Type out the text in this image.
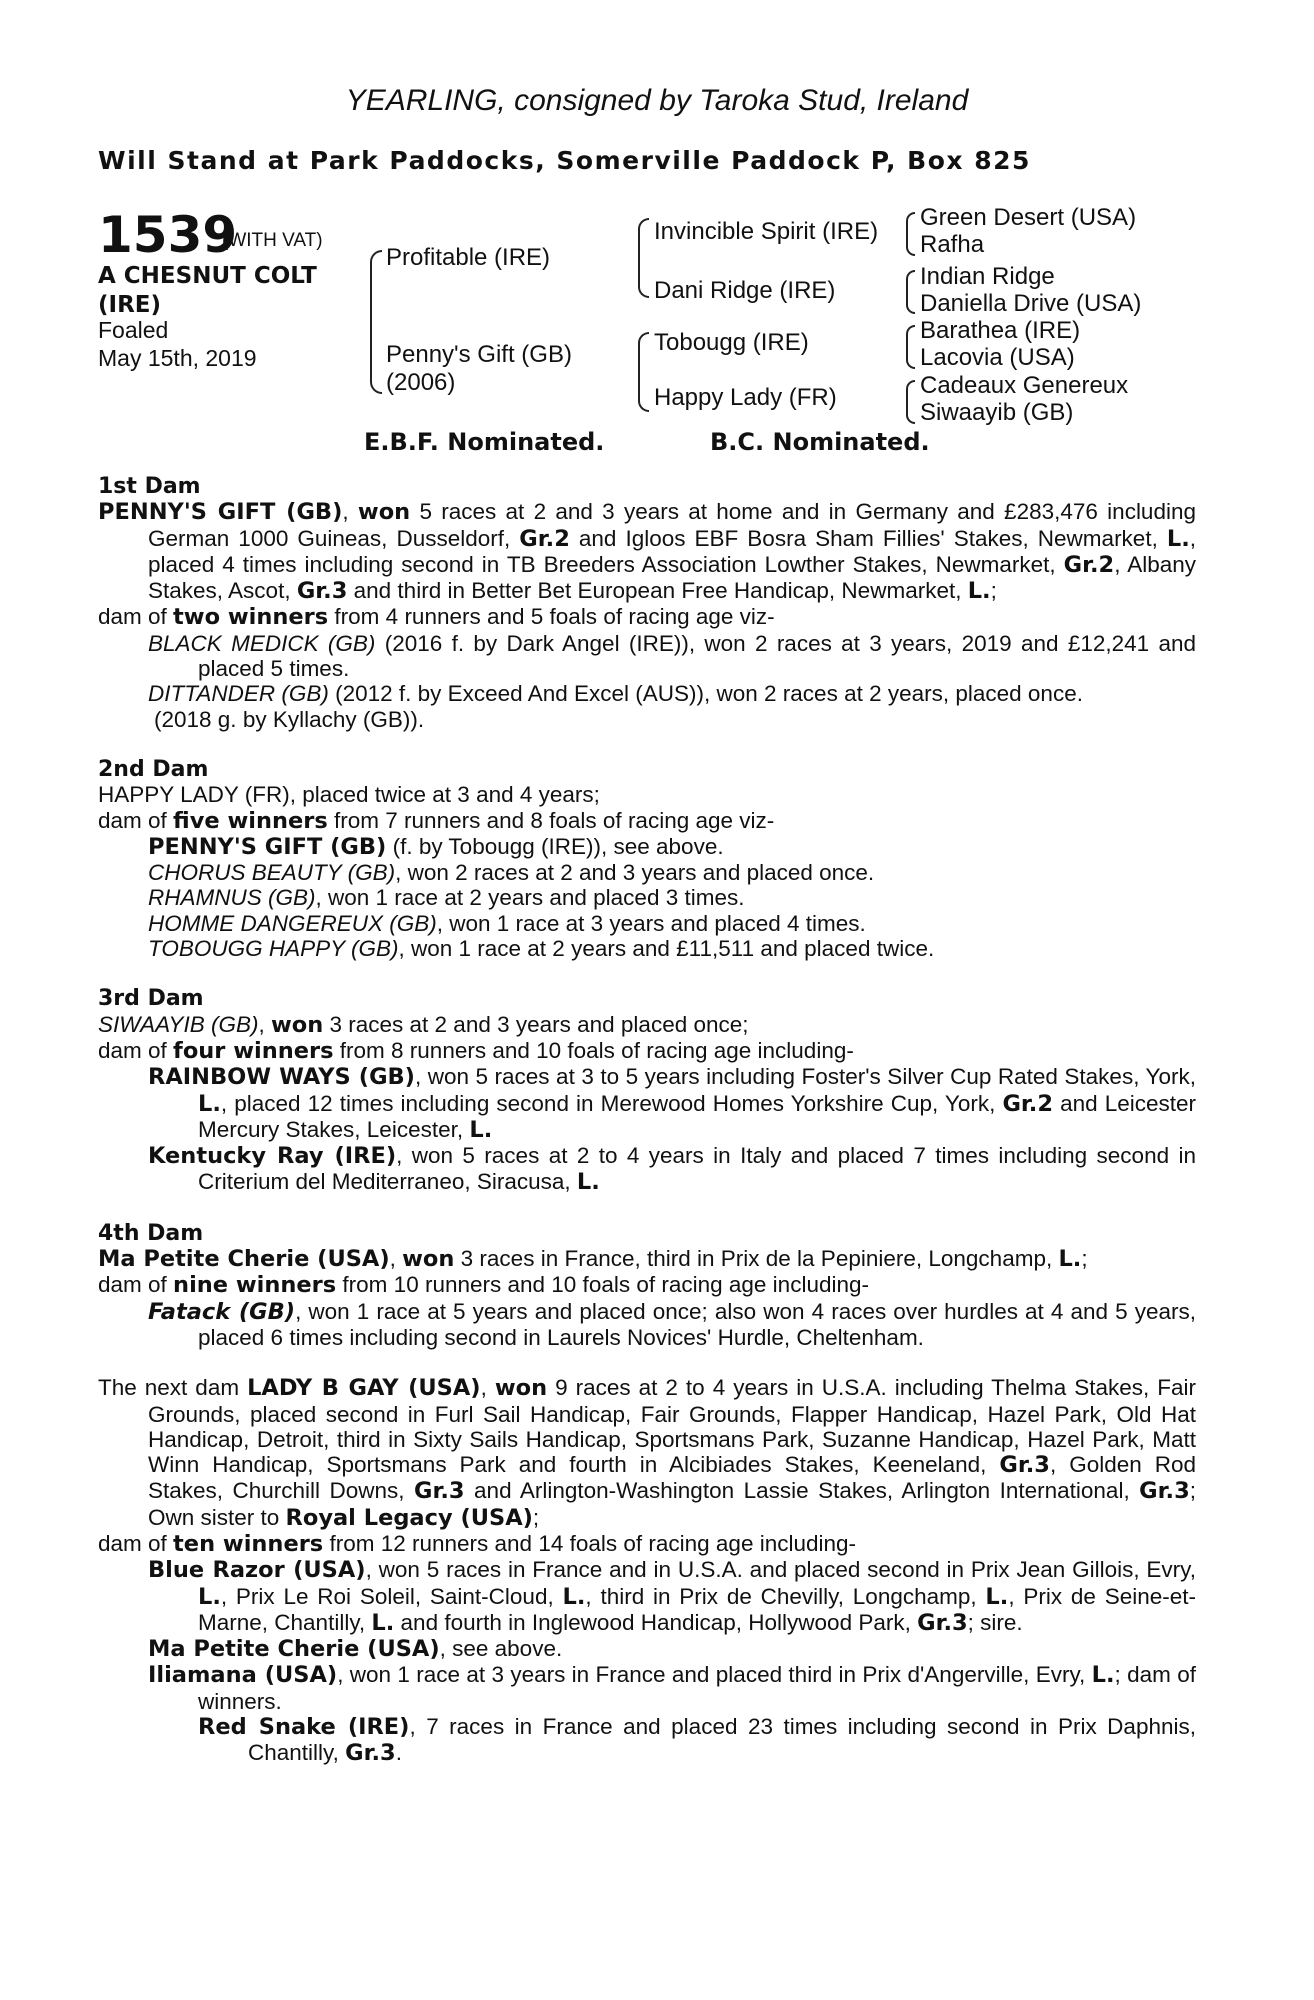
YEARLING, consigned by Taroka Stud, Ireland
Will Stand at Park Paddocks, Somerville Paddock P, Box 825
1539
(WITH VAT)
A CHESNUT COLT (IRE)
Foaled
May 15th, 2019
Profitable (IRE)
Penny's Gift (GB)
(2006)
Invincible Spirit (IRE)
Dani Ridge (IRE)
Tobougg (IRE)
Happy Lady (FR)
Green Desert (USA)
Rafha
Indian Ridge
Daniella Drive (USA)
Barathea (IRE)
Lacovia (USA)
Cadeaux Genereux
Siwaayib (GB)
E.B.F. Nominated.	B.C. Nominated.
1st Dam
PENNY'S GIFT (GB), won 5 races at 2 and 3 years at home and in Germany and £283,476 including German 1000 Guineas, Dusseldorf, Gr.2 and Igloos EBF Bosra Sham Fillies' Stakes, Newmarket, L., placed 4 times including second in TB Breeders Association Lowther Stakes, Newmarket, Gr.2, Albany Stakes, Ascot, Gr.3 and third in Better Bet European Free Handicap, Newmarket, L.;
dam of two winners from 4 runners and 5 foals of racing age viz-
BLACK MEDICK (GB) (2016 f. by Dark Angel (IRE)), won 2 races at 3 years, 2019 and £12,241 and placed 5 times.
DITTANDER (GB) (2012 f. by Exceed And Excel (AUS)), won 2 races at 2 years, placed once.
(2018 g. by Kyllachy (GB)).
2nd Dam
HAPPY LADY (FR), placed twice at 3 and 4 years;
dam of five winners from 7 runners and 8 foals of racing age viz-
PENNY'S GIFT (GB) (f. by Tobougg (IRE)), see above.
CHORUS BEAUTY (GB), won 2 races at 2 and 3 years and placed once.
RHAMNUS (GB), won 1 race at 2 years and placed 3 times.
HOMME DANGEREUX (GB), won 1 race at 3 years and placed 4 times.
TOBOUGG HAPPY (GB), won 1 race at 2 years and £11,511 and placed twice.
3rd Dam
SIWAAYIB (GB), won 3 races at 2 and 3 years and placed once;
dam of four winners from 8 runners and 10 foals of racing age including-
RAINBOW WAYS (GB), won 5 races at 3 to 5 years including Foster's Silver Cup Rated Stakes, York, L., placed 12 times including second in Merewood Homes Yorkshire Cup, York, Gr.2 and Leicester Mercury Stakes, Leicester, L.
Kentucky Ray (IRE), won 5 races at 2 to 4 years in Italy and placed 7 times including second in Criterium del Mediterraneo, Siracusa, L.
4th Dam
Ma Petite Cherie (USA), won 3 races in France, third in Prix de la Pepiniere, Longchamp, L.;
dam of nine winners from 10 runners and 10 foals of racing age including-
Fatack (GB), won 1 race at 5 years and placed once; also won 4 races over hurdles at 4 and 5 years, placed 6 times including second in Laurels Novices' Hurdle, Cheltenham.
The next dam LADY B GAY (USA), won 9 races at 2 to 4 years in U.S.A. including Thelma Stakes, Fair Grounds, placed second in Furl Sail Handicap, Fair Grounds, Flapper Handicap, Hazel Park, Old Hat Handicap, Detroit, third in Sixty Sails Handicap, Sportsmans Park, Suzanne Handicap, Hazel Park, Matt Winn Handicap, Sportsmans Park and fourth in Alcibiades Stakes, Keeneland, Gr.3, Golden Rod Stakes, Churchill Downs, Gr.3 and Arlington-Washington Lassie Stakes, Arlington International, Gr.3; Own sister to Royal Legacy (USA);
dam of ten winners from 12 runners and 14 foals of racing age including-
Blue Razor (USA), won 5 races in France and in U.S.A. and placed second in Prix Jean Gillois, Evry, L., Prix Le Roi Soleil, Saint-Cloud, L., third in Prix de Chevilly, Longchamp, L., Prix de Seine-et-Marne, Chantilly, L. and fourth in Inglewood Handicap, Hollywood Park, Gr.3; sire.
Ma Petite Cherie (USA), see above.
Iliamana (USA), won 1 race at 3 years in France and placed third in Prix d'Angerville, Evry, L.; dam of winners.
Red Snake (IRE), 7 races in France and placed 23 times including second in Prix Daphnis, Chantilly, Gr.3.
